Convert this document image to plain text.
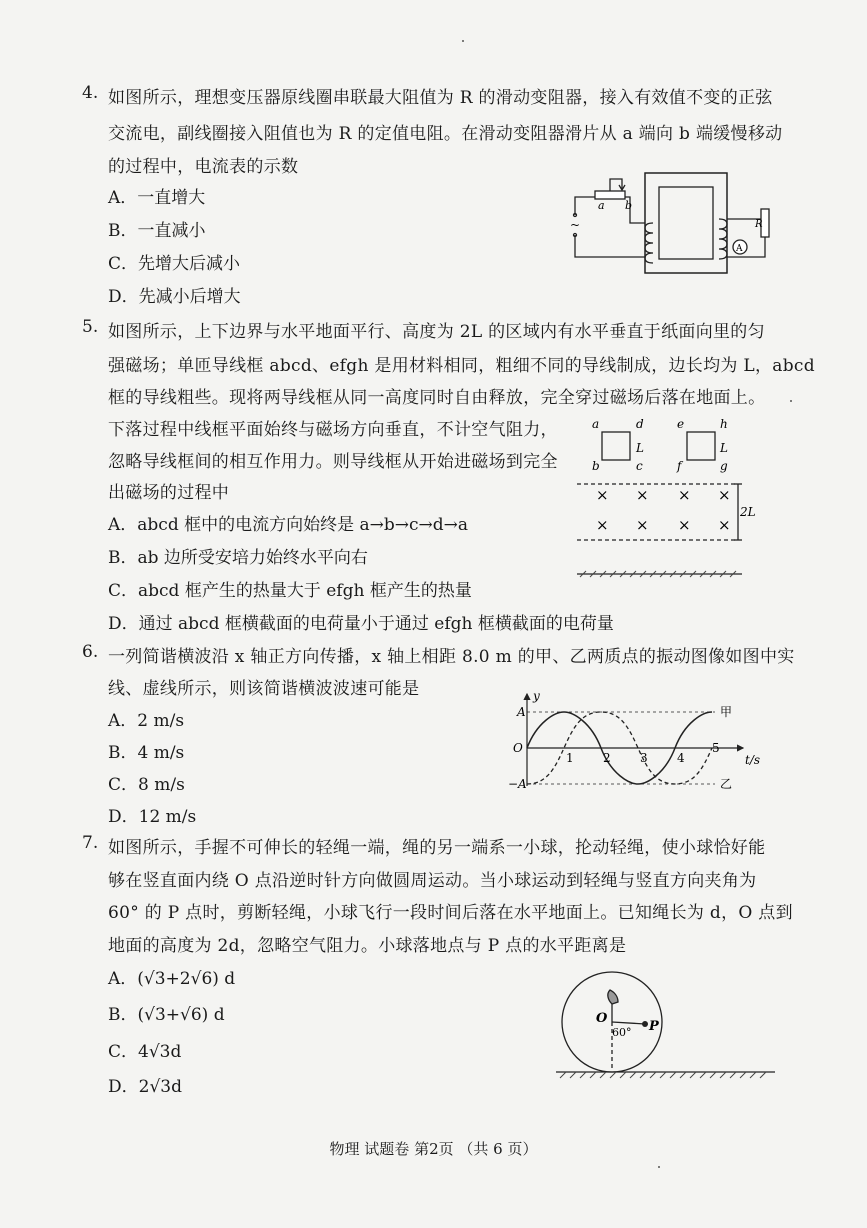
4. 如图所示，理想变压器原线圈串联最大阻值为 R 的滑动变阻器，接入有效值不变的正弦
交流电，副线圈接入阻值也为 R 的定值电阻。在滑动变阻器滑片从 a 端向 b 端缓慢移动
的过程中，电流表的示数
A．一直增大
B．一直减小
C．先增大后减小
D．先减小后增大
a b
R
A
~
5. 如图所示，上下边界与水平地面平行、高度为 2L 的区域内有水平垂直于纸面向里的匀
强磁场；单匝导线框 abcd、efgh 是用材料相同，粗细不同的导线制成，边长均为 L，abcd
框的导线粗些。现将两导线框从同一高度同时自由释放，完全穿过磁场后落在地面上。
下落过程中线框平面始终与磁场方向垂直，不计空气阻力，
忽略导线框间的相互作用力。则导线框从开始进磁场到完全
出磁场的过程中
A．abcd 框中的电流方向始终是 a→b→c→d→a
B．ab 边所受安培力始终水平向右
C．abcd 框产生的热量大于 efgh 框产生的热量
D．通过 abcd 框横截面的电荷量小于通过 efgh 框横截面的电荷量
a	d
b	c
L
e	h
f	g
L
2L
× × × ×
× × × ×
6. 一列简谐横波沿 x 轴正方向传播，x 轴上相距 8.0 m 的甲、乙两质点的振动图像如图中实
线、虚线所示，则该简谐横波波速可能是
A．2 m/s
B．4 m/s
C．8 m/s
D．12 m/s
A
−A
O
y
t/s
甲
乙
1 2 3 4
5
7. 如图所示，手握不可伸长的轻绳一端，绳的另一端系一小球，抡动轻绳，使小球恰好能
够在竖直面内绕 O 点沿逆时针方向做圆周运动。当小球运动到轻绳与竖直方向夹角为
60° 的 P 点时，剪断轻绳，小球飞行一段时间后落在水平地面上。已知绳长为 d，O 点到
地面的高度为 2d，忽略空气阻力。小球落地点与 P 点的水平距离是
A．(√3+2√6) d
B．(√3+√6) d
C．4√3d
D．2√3d
O
60° P
物理 试题卷 第2页 （共 6 页）
